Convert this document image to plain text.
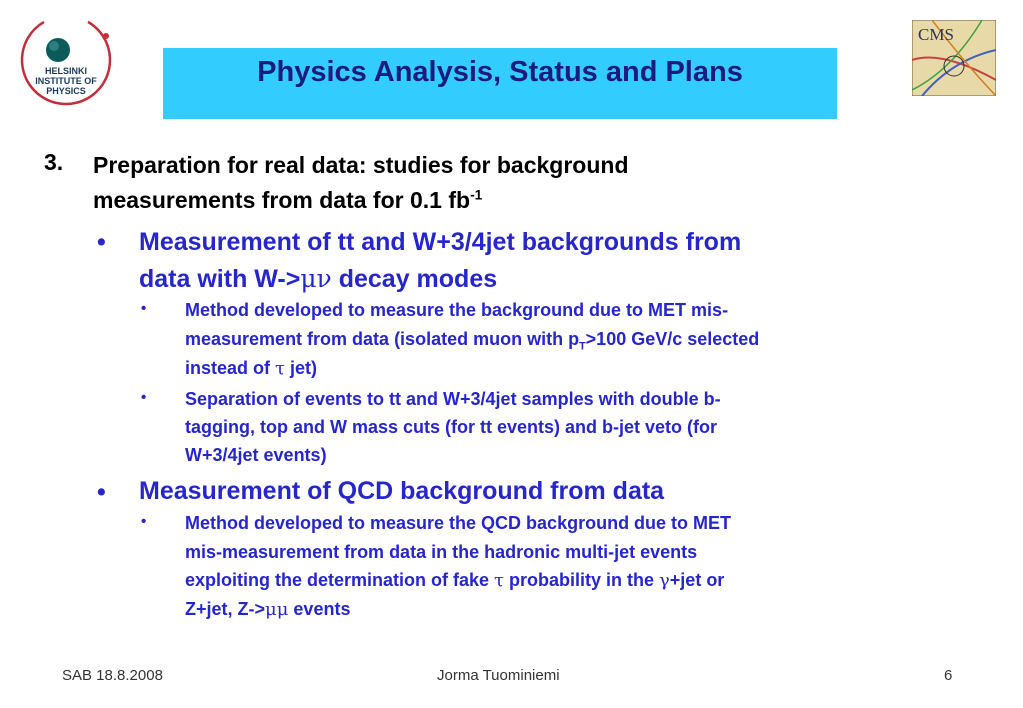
HELSINKI
INSTITUTE OF
PHYSICS
CMS
Physics Analysis, Status and Plans
3. Preparation for real data: studies for background
measurements from data for 0.1 $fb^{-1}$
• Measurement of tt and W+3/4jet backgrounds from
data with W->μν decay modes
• Method developed to measure the background due to MET mis-
measurement from data (isolated muon with $p_T>100$ GeV/c selected
instead of τ jet)
• Separation of events to tt and W+3/4jet samples with double b-
tagging, top and W mass cuts (for tt events) and b-jet veto (for
W+3/4jet events)
• Measurement of QCD background from data
• Method developed to measure the QCD background due to MET
mis-measurement from data in the hadronic multi-jet events
exploiting the determination of fake τ probability in the γ+jet or
Z+jet, Z->μμ events
SAB 18.8.2008	Jorma Tuominiemi	6
